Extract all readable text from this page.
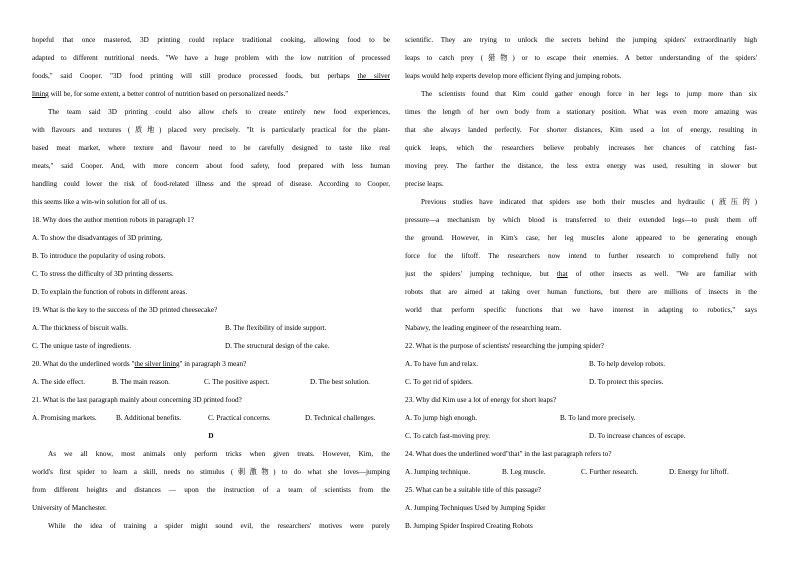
hopeful that once mastered, 3D printing could replace traditional cooking, allowing food to be
adapted to different nutritional needs. "We have a huge problem with the low nutrition of processed
foods," said Cooper. "3D food printing will still produce processed foods, but perhaps the silver
lining will be, for some extent, a better control of nutrition based on personalized needs."
The team said 3D printing could also allow chefs to create entirely new food experiences,
with flavours and textures (质地) placed very precisely. "It is particularly practical for the plant-
based meat market, where texture and flavour need to be carefully designed to taste like real
meats," said Cooper. And, with more concern about food safety, food prepared with less human
handling could lower the risk of food-related illness and the spread of disease. According to Cooper,
this seems like a win-win solution for all of us.
18. Why does the author mention robots in paragraph 1?
A. To show the disadvantages of 3D printing.
B. To introduce the popularity of using robots.
C. To stress the difficulty of 3D printing desserts.
D. To explain the function of robots in different areas.
19. What is the key to the success of the 3D printed cheesecake?
A. The thickness of biscuit walls.	B. The flexibility of inside support.
C. The unique taste of ingredients.	D. The structural design of the cake.
20. What do the underlined words "the silver lining" in paragraph 3 mean?
A. The side effect.	B. The main reason.	C. The positive aspect.	D. The best solution.
21. What is the last paragraph mainly about concerning 3D printed food?
A. Promising markets.	B. Additional benefits.	C. Practical concerns.	D. Technical challenges.
D
As we all know, most animals only perform tricks when given treats. However, Kim, the
world's first spider to learn a skill, needs no stimulus (刺激物) to do what she loves—jumping
from different heights and distances — upon the instruction of a team of scientists from the
University of Manchester.
While the idea of training a spider might sound evil, the researchers' motives were purely
scientific. They are trying to unlock the secrets behind the jumping spiders' extraordinarily high
leaps to catch prey (猎物) or to escape their enemies. A better understanding of the spiders'
leaps would help experts develop more efficient flying and jumping robots.
The scientists found that Kim could gather enough force in her legs to jump more than six
times the length of her own body from a stationary position. What was even more amazing was
that she always landed perfectly. For shorter distances, Kim used a lot of energy, resulting in
quick leaps, which the researchers believe probably increases her chances of catching fast-
moving prey. The farther the distance, the less extra energy was used, resulting in slower but
precise leaps.
Previous studies have indicated that spiders use both their muscles and hydraulic (液压的)
pressure—a mechanism by which blood is transferred to their extended legs—to push them off
the ground. However, in Kim's case, her leg muscles alone appeared to be generating enough
force for the liftoff. The researchers now intend to further research to comprehend fully not
just the spiders' jumping technique, but that of other insects as well. "We are familiar with
robots that are aimed at taking over human functions, but there are millions of insects in the
world that perform specific functions that we have interest in adapting to robotics," says
Nabawy, the leading engineer of the researching team.
22. What is the purpose of scientists' researching the jumping spider?
A. To have fun and relax.	B. To help develop robots.
C. To get rid of spiders.	D. To protect this species.
23. Why did Kim use a lot of energy for short leaps?
A. To jump high enough.	B. To land more precisely.
C. To catch fast-moving prey.	D. To increase chances of escape.
24. What does the underlined word"that" in the last paragraph refers to?
A. Jumping technique.	B. Leg muscle.	C. Further research.	D. Energy for liftoff.
25. What can be a suitable title of this passage?
A. Jumping Techniques Used by Jumping Spider
B. Jumping Spider Inspired Creating Robots
